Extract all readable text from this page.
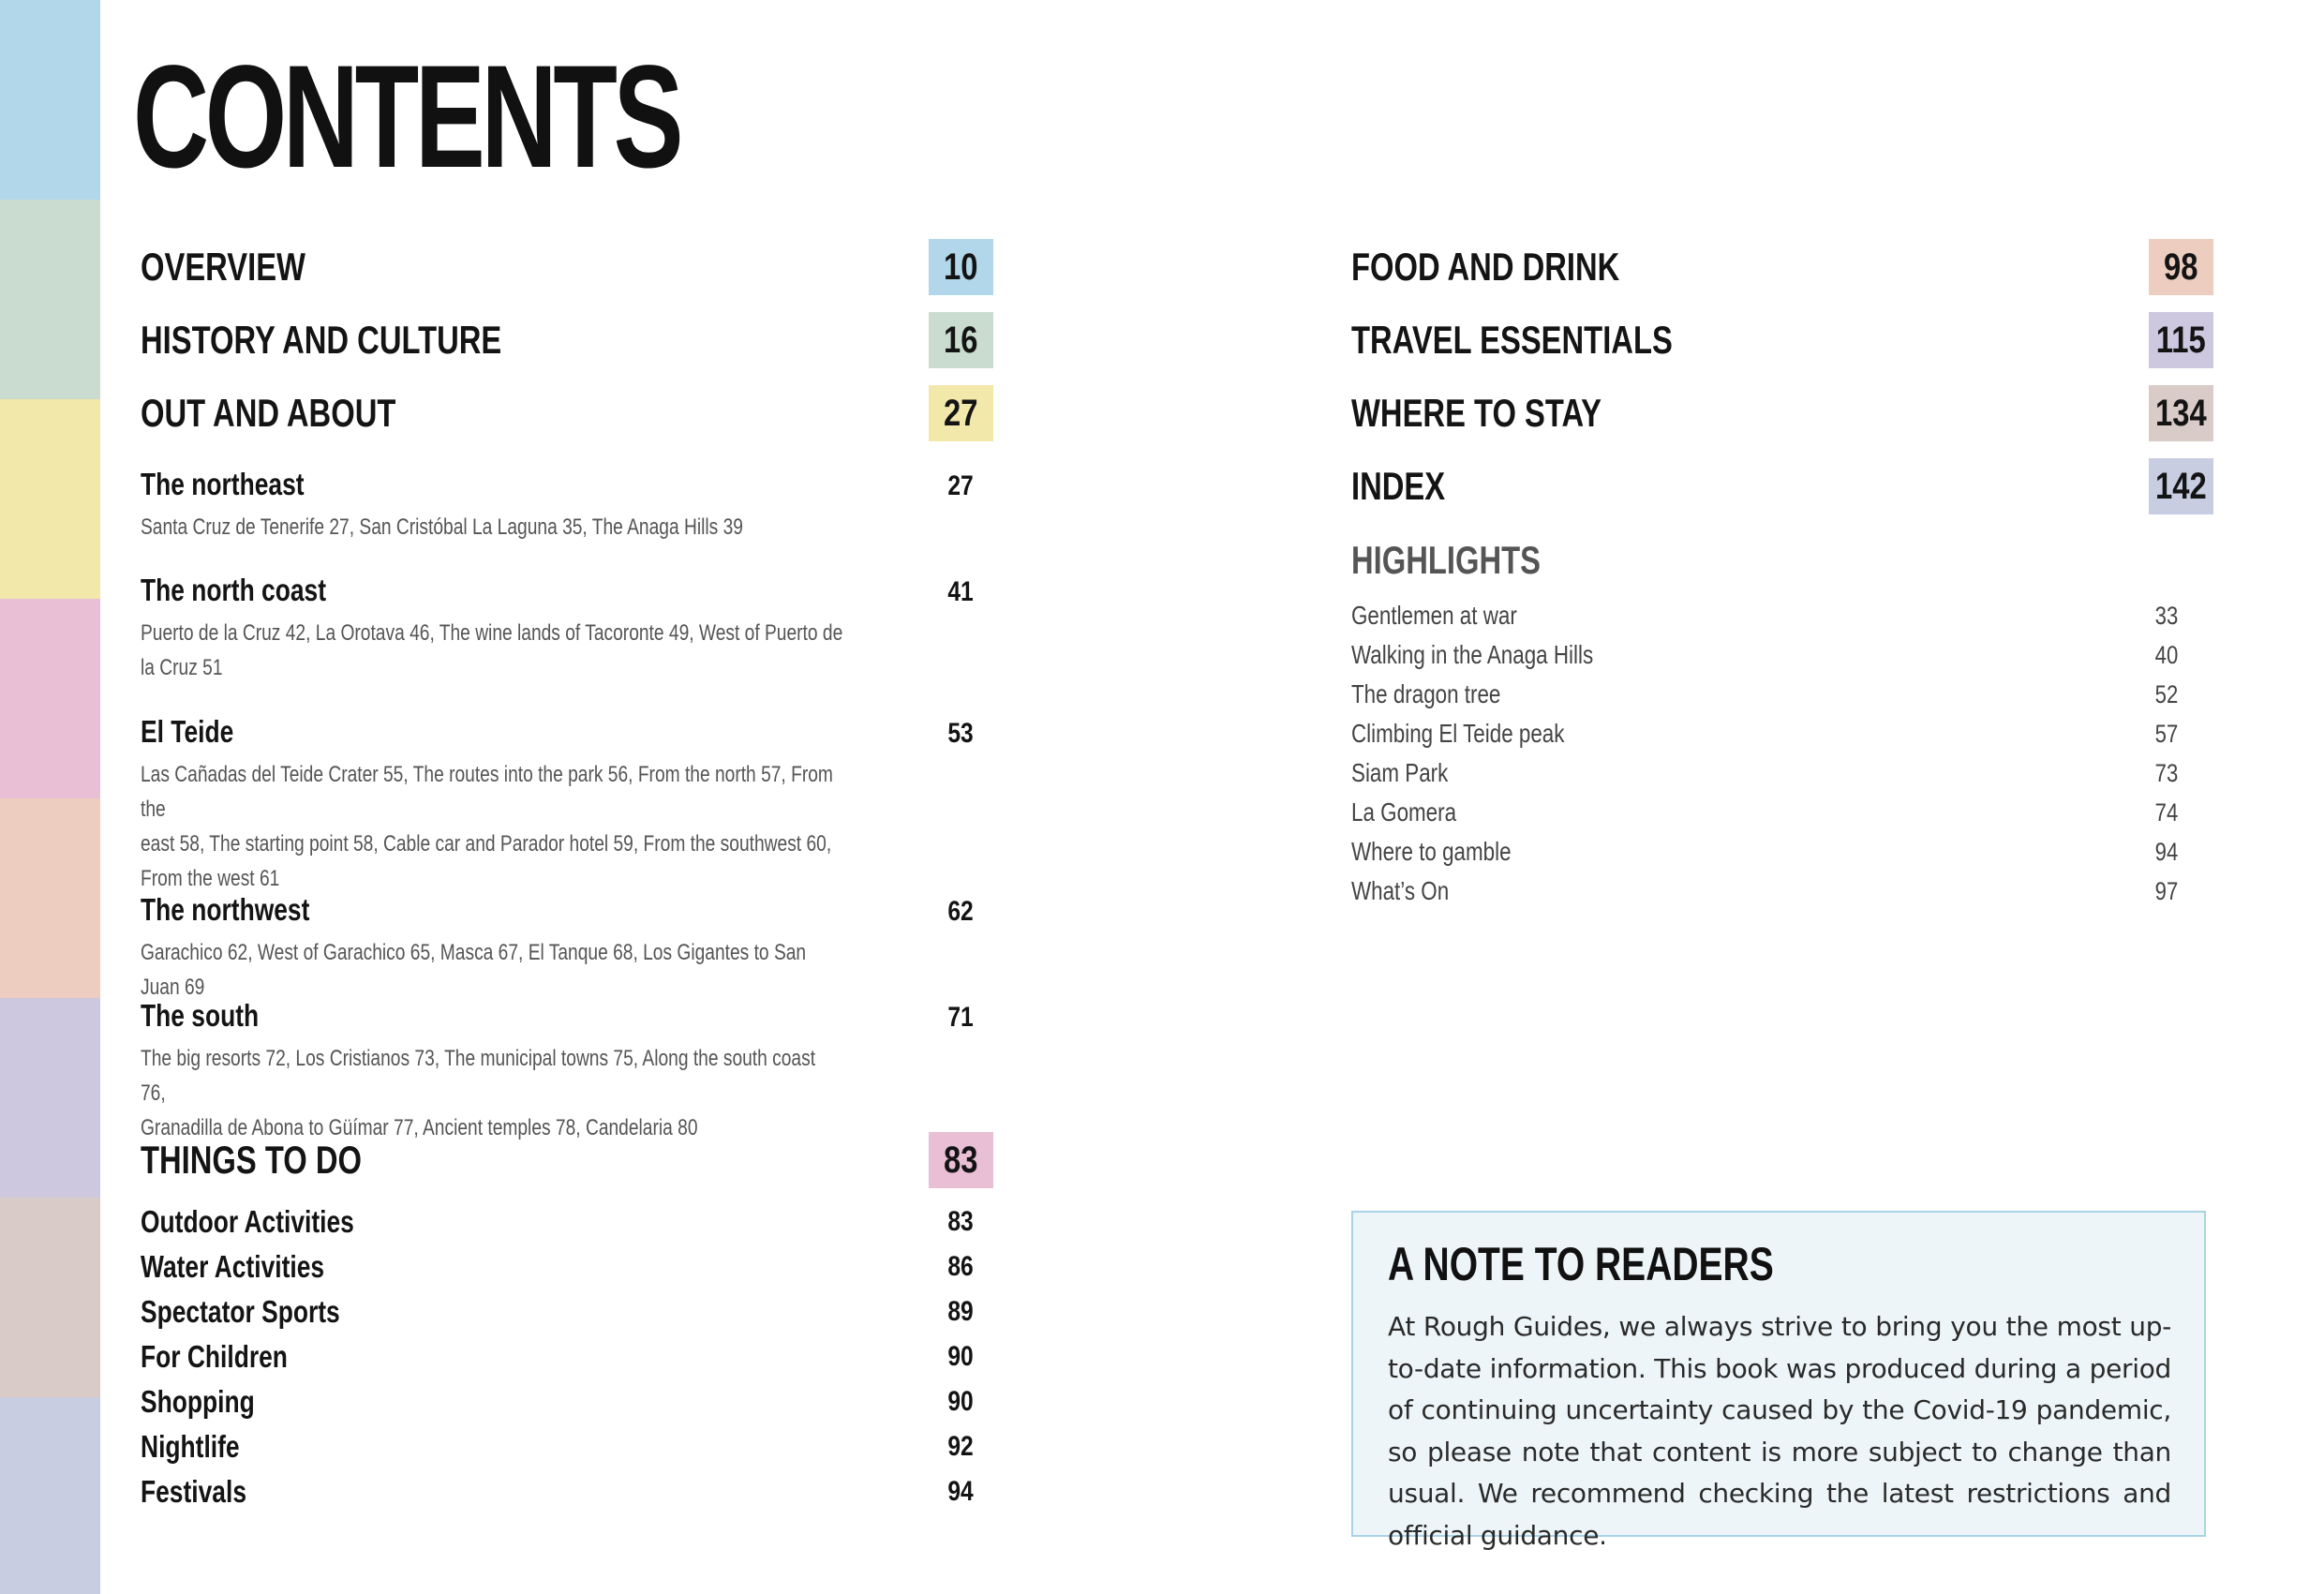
CONTENTS
OVERVIEW	10
HISTORY AND CULTURE	16
OUT AND ABOUT	27
The northeast	27
Santa Cruz de Tenerife 27, San Cristóbal La Laguna 35, The Anaga Hills 39
The north coast	41
Puerto de la Cruz 42, La Orotava 46, The wine lands of Tacoronte 49, West of Puerto de
la Cruz 51
El Teide	53
Las Cañadas del Teide Crater 55, The routes into the park 56, From the north 57, From the
east 58, The starting point 58, Cable car and Parador hotel 59, From the southwest 60,
From the west 61
The northwest	62
Garachico 62, West of Garachico 65, Masca 67, El Tanque 68, Los Gigantes to San Juan 69
The south	71
The big resorts 72, Los Cristianos 73, The municipal towns 75, Along the south coast 76,
Granadilla de Abona to Güímar 77, Ancient temples 78, Candelaria 80
THINGS TO DO	83
Outdoor Activities	83
Water Activities	86
Spectator Sports	89
For Children	90
Shopping	90
Nightlife	92
Festivals	94
FOOD AND DRINK	98
TRAVEL ESSENTIALS	115
WHERE TO STAY	134
INDEX	142
HIGHLIGHTS
Gentlemen at war	33
Walking in the Anaga Hills	40
The dragon tree	52
Climbing El Teide peak	57
Siam Park	73
La Gomera	74
Where to gamble	94
What’s On	97
A NOTE TO READERS
At Rough Guides, we always strive to bring you the most up-to-date information. This book was produced during a period of continuing uncertainty caused by the Covid-19 pandemic, so please note that content is more subject to change than usual. We recommend checking the latest restrictions and official guidance.
